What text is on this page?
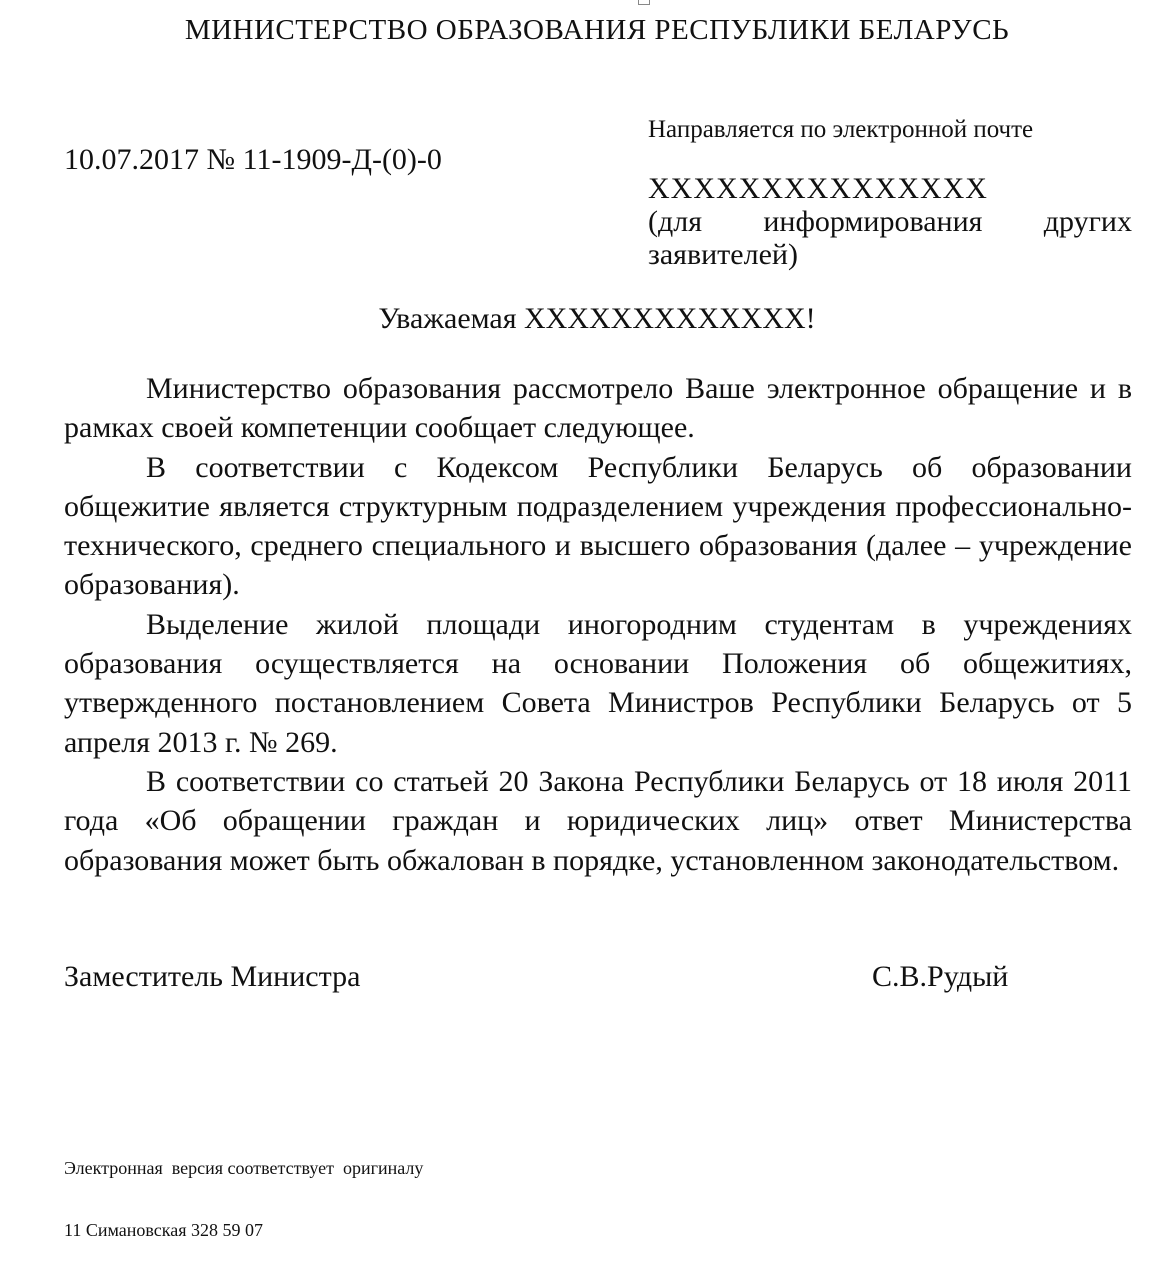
МИНИСТЕРСТВО ОБРАЗОВАНИЯ РЕСПУБЛИКИ БЕЛАРУСЬ
Направляется по электронной почте
10.07.2017 № 11-1909-Д-(0)-0
XXXXXXXXXXXXXXX
(для информирования других заявителей)
Уважаемая XXXXXXXXXXXXX!

Министерство образования рассмотрело Ваше электронное обращение и в рамках своей компетенции сообщает следующее.

В соответствии с Кодексом Республики Беларусь об образовании общежитие является структурным подразделением учреждения профессионально-технического, среднего специального и высшего образования (далее – учреждение образования).

Выделение жилой площади иногородним студентам в учреждениях образования осуществляется на основании Положения об общежитиях, утвержденного постановлением Совета Министров Республики Беларусь от 5 апреля 2013 г. № 269.

В соответствии со статьей 20 Закона Республики Беларусь от 18 июля 2011 года «Об обращении граждан и юридических лиц» ответ Министерства образования может быть обжалован в порядке, установленном законодательством.

Заместитель Министра	С.В.Рудый
Электронная  версия соответствует  оригиналу
11 Симановская 328 59 07
